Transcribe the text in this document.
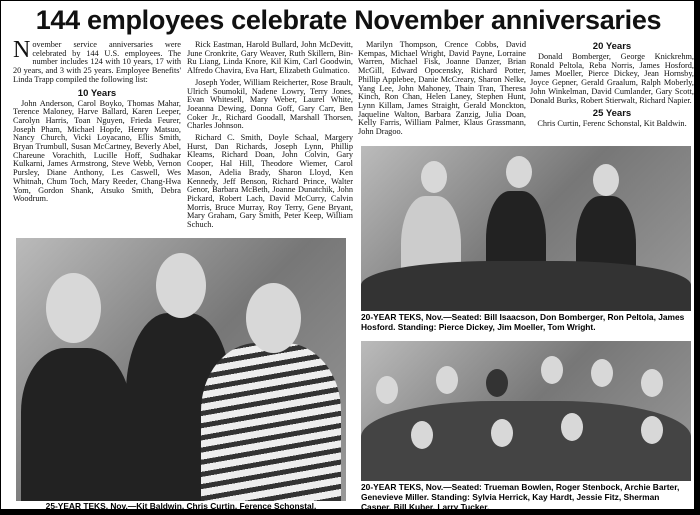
144 employees celebrate November anniversaries

November service anniversaries were celebrated by 144 U.S. employees. The number includes 124 with 10 years, 17 with 20 years, and 3 with 25 years. Employee Benefits' Linda Trapp compiled the following list:

10 Years

John Anderson, Carol Boyko, Thomas Mahar, Terence Maloney, Harve Ballard, Karen Leeper, Carolyn Harris, Toan Nguyen, Frieda Feurer, Joseph Pham, Michael Hopfe, Henry Matsuo, Nancy Church, Vicki Loyacano, Ellis Smith, Bryan Trumbull, Susan McCartney, Beverly Abel, Chareune Vorachith, Lucille Hoff, Sudhakar Kulkarni, James Armstrong, Steve Webb, Vernon Pursley, Diane Anthony, Les Caswell, Wes Whitnah, Chum Toch, Mary Reeder, Chang-Hwa Yom, Gordon Shank, Atsuko Smith, Debra Woodrum.

Rick Eastman, Harold Bullard, John McDevitt, June Cronkrite, Gary Weaver, Ruth Skillern, Bin-Ru Liang, Linda Knore, Kil Kim, Carl Goodwin, Alfredo Chavira, Eva Hart, Elizabeth Gulmatico.

Joseph Yoder, William Reicherter, Rose Brault, Ulrich Soumokil, Nadene Lowry, Terry Jones, Evan Whitesell, Mary Weber, Laurel White, Joeanna Dewing, Donna Goff, Gary Carr, Ben Coker Jr., Richard Goodall, Marshall Thorsen, Charles Johnson.

Richard C. Smith, Doyle Schaal, Margery Hurst, Dan Richards, Joseph Lynn, Phillip Kleams, Richard Doan, John Colvin, Gary Cooper, Hal Hill, Theodore Wiemer, Carol Mason, Adelia Brady, Sharon Lloyd, Ken Kennedy, Jeff Benson, Richard Prince, Walter Genor, Barbara McBeth, Joanne Dunatchik, John Pickard, Robert Lach, David McCurry, Calvin Morris, Bruce Murray, Roy Terry, Gene Bryant, Mary Graham, Gary Smith, Peter Keep, William Schuch.

Marilyn Thompson, Crence Cobbs, David Kempas, Michael Wright, David Payne, Lorraine Warren, Michael Fisk, Joanne Danzer, Brian McGill, Edward Opocensky, Richard Potter, Phillip Applebee, Danie McCreary, Sharon Nelke, Yang Lee, John Mahoney, Thain Tran, Theresa Kinch, Ron Chan, Helen Laney, Stephen Hunt, Lynn Killam, James Straight, Gerald Monckton, Jaqueline Walton, Barbara Zanzig, Julia Doan, Kelly Farris, William Palmer, Klaus Grassmann, John Dragoo.

20 Years

Donald Bomberger, George Knickrehm, Ronald Peltola, Reba Norris, James Hosford, James Moeller, Pierce Dickey, Jean Hornsby, Joyce Gepner, Gerald Graalum, Ralph Moberly, John Winkelman, David Cumlander, Gary Scott, Donald Burks, Robert Stierwalt, Richard Napier.

25 Years

Chris Curtin, Ferenc Schonstal, Kit Baldwin.

25-YEAR TEKS, Nov.—Kit Baldwin, Chris Curtin, Ference Schonstal.
20-YEAR TEKS, Nov.—Seated: Bill Isaacson, Don Bomberger, Ron Peltola, James Hosford. Standing: Pierce Dickey, Jim Moeller, Tom Wright.
20-YEAR TEKS, Nov.—Seated: Trueman Bowlen, Roger Stenbock, Archie Barter, Genevieve Miller. Standing: Sylvia Herrick, Kay Hardt, Jessie Fitz, Sherman Casper, Bill Kuber, Larry Tucker.
